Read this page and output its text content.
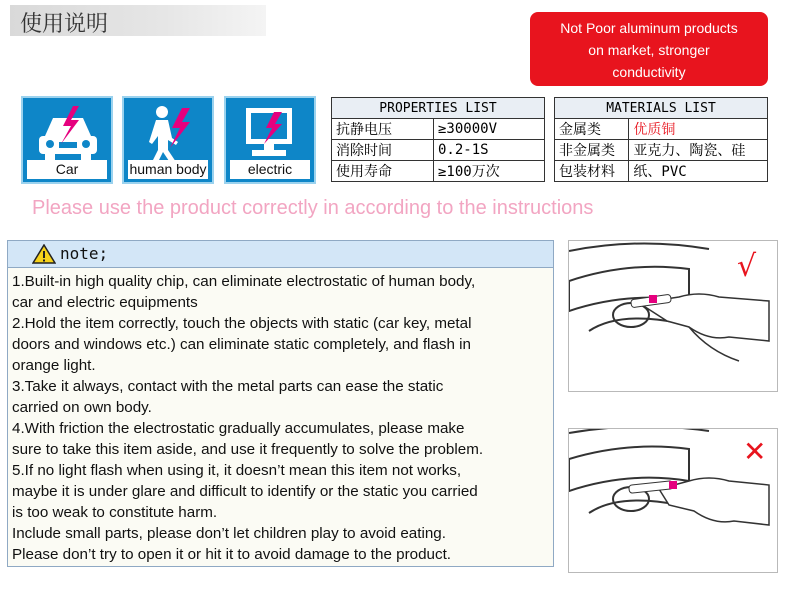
使用说明	Not Poor aluminum products
on market, stronger
conductivity
Car	human body	electric
PROPERTIES LIST	
抗静电压	≥30000V
消除时间	0.2-1S
使用寿命	≥100万次
MATERIALS LIST	
金属类	优质铜
非金属类	亚克力、陶瓷、硅
包装材料	纸、PVC
Please use the product correctly in according to the instructions
note;
1.Built-in high quality chip, can eliminate electrostatic of human body,
car and electric equipments
2.Hold the item correctly, touch the objects with static (car key, metal
doors and windows etc.) can eliminate static completely, and flash in
orange light.
3.Take it always, contact with the metal parts can ease the static
carried on own body.
4.With friction the electrostatic gradually accumulates, please make
sure to take this item aside, and use it frequently to solve the problem.
5.If no light flash when using it, it doesn’t mean this item not works,
maybe it is under glare and difficult to identify or the static you carried
is too weak to constitute harm.
Include small parts, please don’t let children play to avoid eating.
Please don’t try to open it or hit it to avoid damage to the product.
√
✕
